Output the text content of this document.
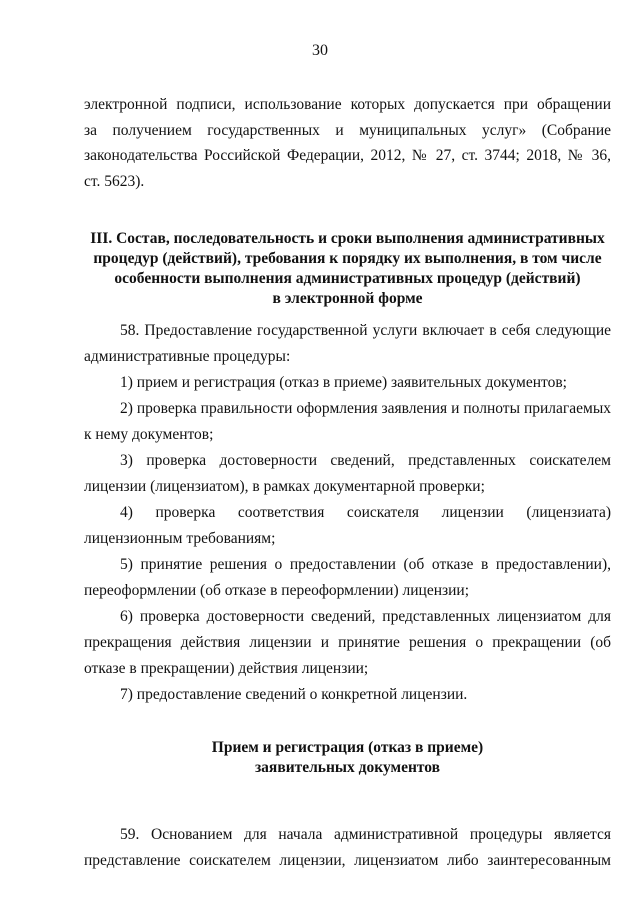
30
электронной подписи, использование которых допускается при обращении
за получением государственных и муниципальных услуг» (Собрание
законодательства Российской Федерации, 2012, № 27, ст. 3744; 2018, № 36,
ст. 5623).
III. Состав, последовательность и сроки выполнения административных
процедур (действий), требования к порядку их выполнения, в том числе
особенности выполнения административных процедур (действий)
в электронной форме
58. Предоставление государственной услуги включает в себя следующие административные процедуры:
1) прием и регистрация (отказ в приеме) заявительных документов;
2) проверка правильности оформления заявления и полноты прилагаемых к нему документов;
3) проверка достоверности сведений, представленных соискателем лицензии (лицензиатом), в рамках документарной проверки;
4) проверка соответствия соискателя лицензии (лицензиата) лицензионным требованиям;
5) принятие решения о предоставлении (об отказе в предоставлении), переоформлении (об отказе в переоформлении) лицензии;
6) проверка достоверности сведений, представленных лицензиатом для прекращения действия лицензии и принятие решения о прекращении (об отказе в прекращении) действия лицензии;
7) предоставление сведений о конкретной лицензии.
Прием и регистрация (отказ в приеме)
заявительных документов
59. Основанием для начала административной процедуры является представление соискателем лицензии, лицензиатом либо заинтересованным
